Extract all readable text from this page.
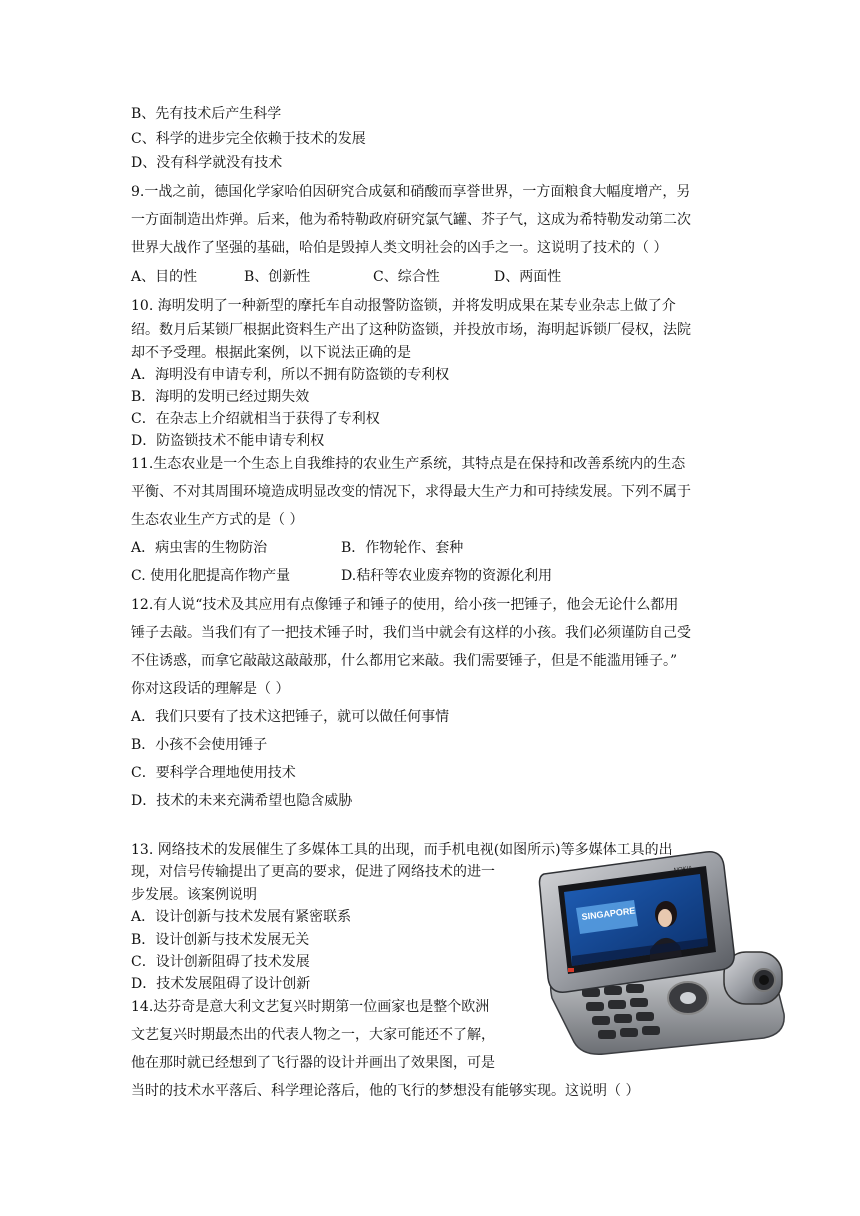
B、先有技术后产生科学
C、科学的进步完全依赖于技术的发展
D、没有科学就没有技术
9.一战之前，德国化学家哈伯因研究合成氨和硝酸而享誉世界，一方面粮食大幅度增产，另
一方面制造出炸弹。后来，他为希特勒政府研究氯气罐、芥子气，这成为希特勒发动第二次
世界大战作了坚强的基础，哈伯是毁掉人类文明社会的凶手之一。这说明了技术的（ ）
A、目的性	B、创新性	C、综合性	D、两面性
10. 海明发明了一种新型的摩托车自动报警防盗锁，并将发明成果在某专业杂志上做了介
绍。数月后某锁厂根据此资料生产出了这种防盗锁，并投放市场，海明起诉锁厂侵权，法院
却不予受理。根据此案例，以下说法正确的是
A．海明没有申请专利，所以不拥有防盗锁的专利权
B．海明的发明已经过期失效
C．在杂志上介绍就相当于获得了专利权
D．防盗锁技术不能申请专利权
11.生态农业是一个生态上自我维持的农业生产系统，其特点是在保持和改善系统内的生态
平衡、不对其周围环境造成明显改变的情况下，求得最大生产力和可持续发展。下列不属于
生态农业生产方式的是（ ）
A．病虫害的生物防治	B．作物轮作、套种
C. 使用化肥提高作物产量	D.秸秆等农业废弃物的资源化利用
12.有人说“技术及其应用有点像锤子和锤子的使用，给小孩一把锤子，他会无论什么都用
锤子去敲。当我们有了一把技术锤子时，我们当中就会有这样的小孩。我们必须谨防自己受
不住诱惑，而拿它敲敲这敲敲那，什么都用它来敲。我们需要锤子，但是不能滥用锤子。”
你对这段话的理解是（ ）
A．我们只要有了技术这把锤子，就可以做任何事情
B．小孩不会使用锤子
C．要科学合理地使用技术
D．技术的未来充满希望也隐含威胁
13. 网络技术的发展催生了多媒体工具的出现，而手机电视(如图所示)等多媒体工具的出
现，对信号传输提出了更高的要求，促进了网络技术的进一
步发展。该案例说明
A．设计创新与技术发展有紧密联系
B．设计创新与技术发展无关
C．设计创新阻碍了技术发展
D．技术发展阻碍了设计创新
14.达芬奇是意大利文艺复兴时期第一位画家也是整个欧洲
文艺复兴时期最杰出的代表人物之一，大家可能还不了解，
他在那时就已经想到了飞行器的设计并画出了效果图，可是
当时的技术水平落后、科学理论落后，他的飞行的梦想没有能够实现。这说明（ ）
SINGAPORE
NOKIA
